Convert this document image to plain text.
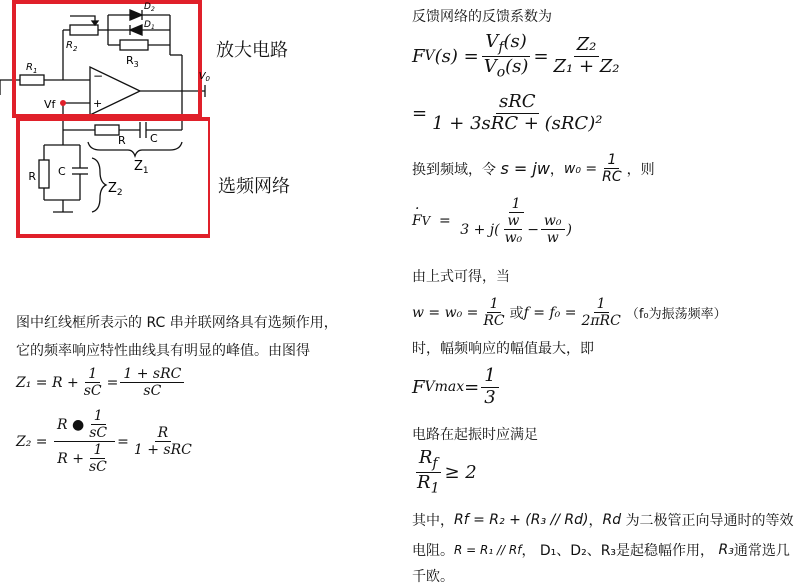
$R_1$
$R_2$
$R_3$
$D_2$
$D_1$
$V_0$
−
+
Vf
R C
$Z_1$
R C
$Z_2$
放大电路
选频网络
图中红线框所表示的 RC 串并联网络具有选频作用，
它的频率响应特性曲线具有明显的峰值。由图得
Z₁ =
$R + \frac{1}{sC} = \frac{\text{1 + sRC}}{sC}$
Z₂ =
$\frac{R ● \frac{1}{sC}}{R + \frac{1}{sC}} = \frac{R}{\text{1 + sRC}}$
反馈网络的反馈系数为
F V $(s) = \frac{V_f(s)}{V_o(s)} = \frac{\text{Z₂}}{\text{Z₁ + Z₂}}$
= $\frac{\text{sRC}}{\text{1 + 3sRC + (sRC)²}}$
换到频域，令
s = jw ， $w_0 = \frac{1}{RC}$ ，则
F
·
V
=
$\frac{1}{3 + j( \frac{w}{\text{w₀}} - \frac{\text{w₀}}{w} )}$
由上式可得，当
$w = w_0 = \frac{1}{RC}$ 或 $f = f_0 = \frac{1}{\text{2πRC}} (f_0$为振荡频率）
时，幅频响应的幅值最大，即
F $Vmax = \frac{1}{3}$
电路在起振时应满足
$\frac{R_f}{R_1} \ge 2$
其中， Rf = R₂ + (R₃ // Rd) ， Rd
为二极管正向导通时的等效
电阻。 R = R₁ // Rf ，
D₁、D₂、R₃是起稳幅作用，
R₃ 通常选几
千欧。
